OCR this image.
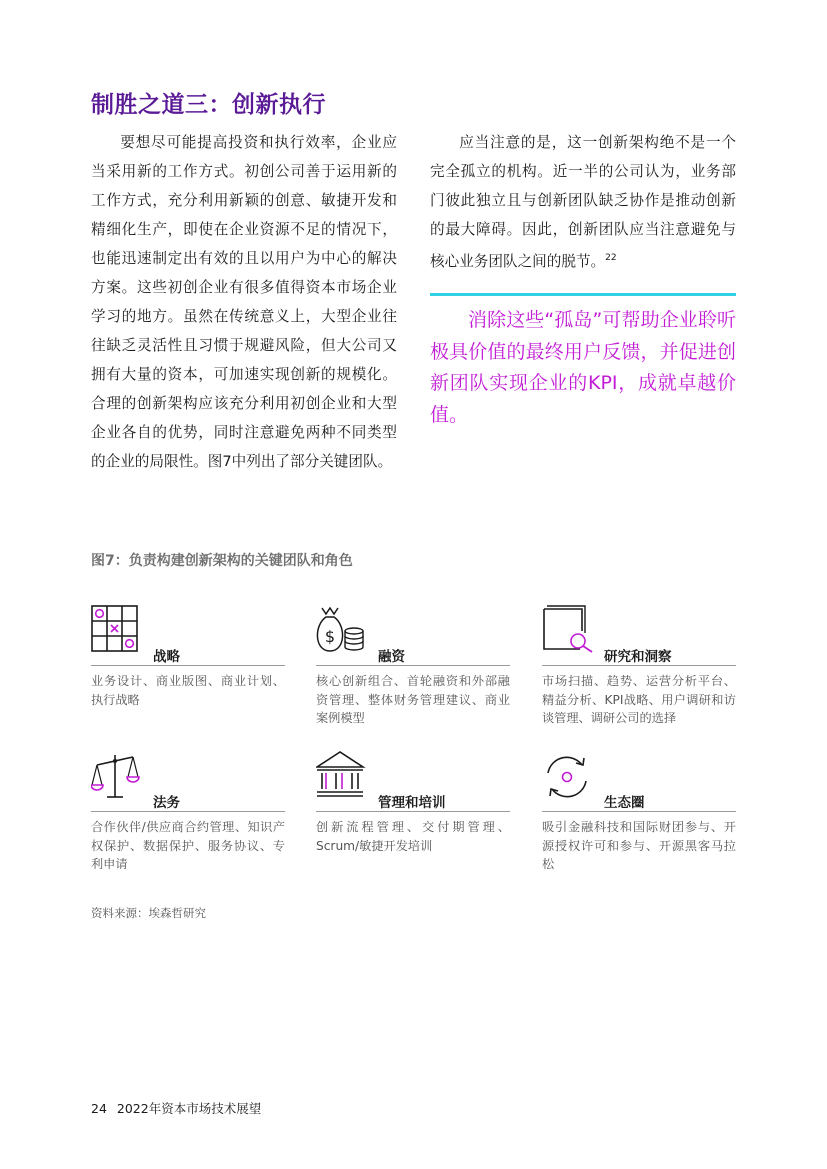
制胜之道三：创新执行

要想尽可能提高投资和执行效率，企业应当采用新的工作方式。初创公司善于运用新的工作方式，充分利用新颖的创意、敏捷开发和精细化生产，即使在企业资源不足的情况下，也能迅速制定出有效的且以用户为中心的解决方案。这些初创企业有很多值得资本市场企业学习的地方。虽然在传统意义上，大型企业往往缺乏灵活性且习惯于规避风险，但大公司又拥有大量的资本，可加速实现创新的规模化。合理的创新架构应该充分利用初创企业和大型企业各自的优势，同时注意避免两种不同类型的企业的局限性。图7中列出了部分关键团队。

应当注意的是，这一创新架构绝不是一个完全孤立的机构。近一半的公司认为，业务部门彼此独立且与创新团队缺乏协作是推动创新的最大障碍。因此，创新团队应当注意避免与核心业务团队之间的脱节。$^{22}$

消除这些“孤岛”可帮助企业聆听极具价值的最终用户反馈，并促进创新团队实现企业的KPI，成就卓越价值。

图7：负责构建创新架构的关键团队和角色

战略

业务设计、商业版图、商业计划、执行战略

$
融资

核心创新组合、首轮融资和外部融资管理、整体财务管理建议、商业案例模型

研究和洞察

市场扫描、趋势、运营分析平台、精益分析、KPI战略、用户调研和访谈管理、调研公司的选择

法务

合作伙伴/供应商合约管理、知识产权保护、数据保护、服务协议、专利申请

管理和培训

创新流程管理、交付期管理、Scrum/敏捷开发培训

生态圈

吸引金融科技和国际财团参与、开源授权许可和参与、开源黑客马拉松

资料来源：埃森哲研究

24 2022年资本市场技术展望
